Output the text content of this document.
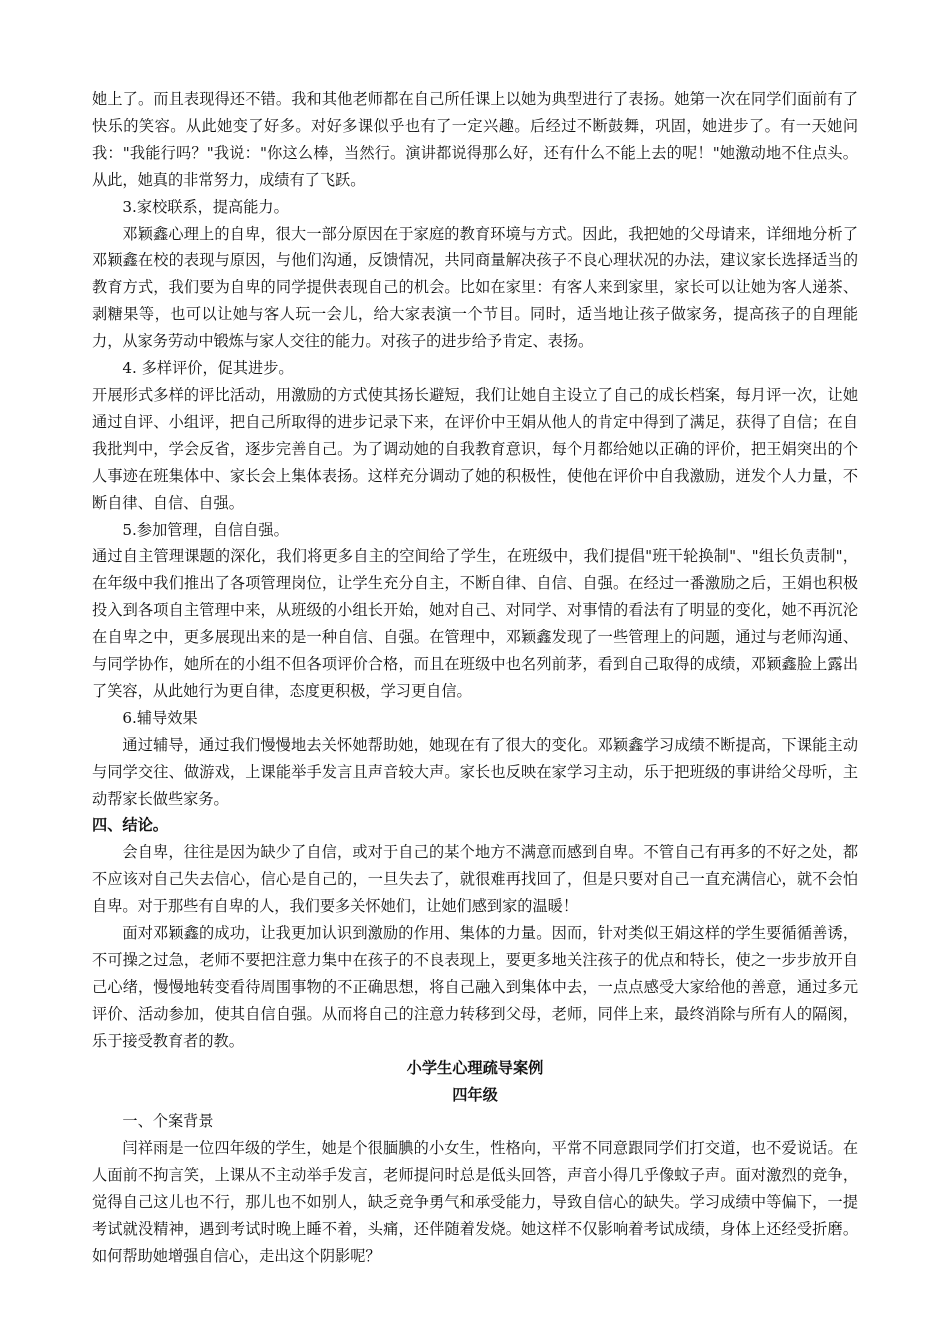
她上了。而且表现得还不错。我和其他老师都在自己所任课上以她为典型进行了表扬。她第一次在同学们面前有了快乐的笑容。从此她变了好多。对好多课似乎也有了一定兴趣。后经过不断鼓舞，巩固，她进步了。有一天她问我："我能行吗？"我说："你这么棒，当然行。演讲都说得那么好，还有什么不能上去的呢！"她激动地不住点头。从此，她真的非常努力，成绩有了飞跃。

3.家校联系，提高能力。

邓颖鑫心理上的自卑，很大一部分原因在于家庭的教育环境与方式。因此，我把她的父母请来，详细地分析了邓颖鑫在校的表现与原因，与他们沟通，反馈情况，共同商量解决孩子不良心理状况的办法，建议家长选择适当的教育方式，我们要为自卑的同学提供表现自己的机会。比如在家里：有客人来到家里，家长可以让她为客人递茶、剥糖果等，也可以让她与客人玩一会儿，给大家表演一个节目。同时，适当地让孩子做家务，提高孩子的自理能力，从家务劳动中锻炼与家人交往的能力。对孩子的进步给予肯定、表扬。

4. 多样评价，促其进步。

开展形式多样的评比活动，用激励的方式使其扬长避短，我们让她自主设立了自己的成长档案，每月评一次，让她通过自评、小组评，把自己所取得的进步记录下来，在评价中王娟从他人的肯定中得到了满足，获得了自信；在自我批判中，学会反省，逐步完善自己。为了调动她的自我教育意识，每个月都给她以正确的评价，把王娟突出的个人事迹在班集体中、家长会上集体表扬。这样充分调动了她的积极性，使他在评价中自我激励，迸发个人力量，不断自律、自信、自强。

5.参加管理，自信自强。

通过自主管理课题的深化，我们将更多自主的空间给了学生，在班级中，我们提倡"班干轮换制"、"组长负责制"，在年级中我们推出了各项管理岗位，让学生充分自主，不断自律、自信、自强。在经过一番激励之后，王娟也积极投入到各项自主管理中来，从班级的小组长开始，她对自己、对同学、对事情的看法有了明显的变化，她不再沉沦在自卑之中，更多展现出来的是一种自信、自强。在管理中，邓颖鑫发现了一些管理上的问题，通过与老师沟通、与同学协作，她所在的小组不但各项评价合格，而且在班级中也名列前茅，看到自己取得的成绩，邓颖鑫脸上露出了笑容，从此她行为更自律，态度更积极，学习更自信。

6.辅导效果

通过辅导，通过我们慢慢地去关怀她帮助她，她现在有了很大的变化。邓颖鑫学习成绩不断提高，下课能主动与同学交往、做游戏，上课能举手发言且声音较大声。家长也反映在家学习主动，乐于把班级的事讲给父母听，主动帮家长做些家务。

四、结论。

会自卑，往往是因为缺少了自信，或对于自己的某个地方不满意而感到自卑。不管自己有再多的不好之处，都不应该对自己失去信心，信心是自己的，一旦失去了，就很难再找回了，但是只要对自己一直充满信心，就不会怕自卑。对于那些有自卑的人，我们要多关怀她们，让她们感到家的温暖！

面对邓颖鑫的成功，让我更加认识到激励的作用、集体的力量。因而，针对类似王娟这样的学生要循循善诱，不可操之过急，老师不要把注意力集中在孩子的不良表现上，要更多地关注孩子的优点和特长，使之一步步放开自己心绪，慢慢地转变看待周围事物的不正确思想，将自己融入到集体中去，一点点感受大家给他的善意，通过多元评价、活动参加，使其自信自强。从而将自己的注意力转移到父母，老师，同伴上来，最终消除与所有人的隔阂，乐于接受教育者的教。

小学生心理疏导案例

四年级

一、个案背景

闫祥雨是一位四年级的学生，她是个很腼腆的小女生，性格向，平常不同意跟同学们打交道，也不爱说话。在人面前不拘言笑，上课从不主动举手发言，老师提问时总是低头回答，声音小得几乎像蚊子声。面对激烈的竞争，觉得自己这儿也不行，那儿也不如别人，缺乏竞争勇气和承受能力，导致自信心的缺失。学习成绩中等偏下，一提考试就没精神，遇到考试时晚上睡不着，头痛，还伴随着发烧。她这样不仅影响着考试成绩，身体上还经受折磨。如何帮助她增强自信心，走出这个阴影呢？
